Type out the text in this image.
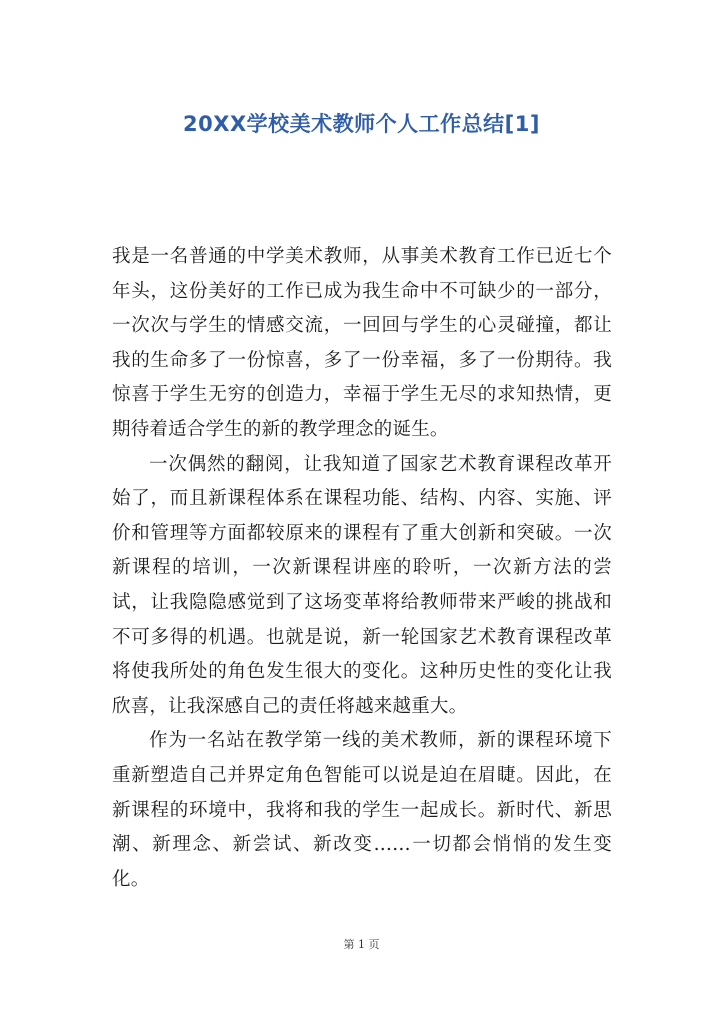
20XX学校美术教师个人工作总结[1]

我是一名普通的中学美术教师，从事美术教育工作已近七个年头，这份美好的工作已成为我生命中不可缺少的一部分，一次次与学生的情感交流，一回回与学生的心灵碰撞，都让我的生命多了一份惊喜，多了一份幸福，多了一份期待。我惊喜于学生无穷的创造力，幸福于学生无尽的求知热情，更期待着适合学生的新的教学理念的诞生。

一次偶然的翻阅，让我知道了国家艺术教育课程改革开始了，而且新课程体系在课程功能、结构、内容、实施、评价和管理等方面都较原来的课程有了重大创新和突破。一次新课程的培训，一次新课程讲座的聆听，一次新方法的尝试，让我隐隐感觉到了这场变革将给教师带来严峻的挑战和不可多得的机遇。也就是说，新一轮国家艺术教育课程改革将使我所处的角色发生很大的变化。这种历史性的变化让我欣喜，让我深感自己的责任将越来越重大。

作为一名站在教学第一线的美术教师，新的课程环境下重新塑造自己并界定角色智能可以说是迫在眉睫。因此，在新课程的环境中，我将和我的学生一起成长。新时代、新思潮、新理念、新尝试、新改变……一切都会悄悄的发生变化。

第 1 页
